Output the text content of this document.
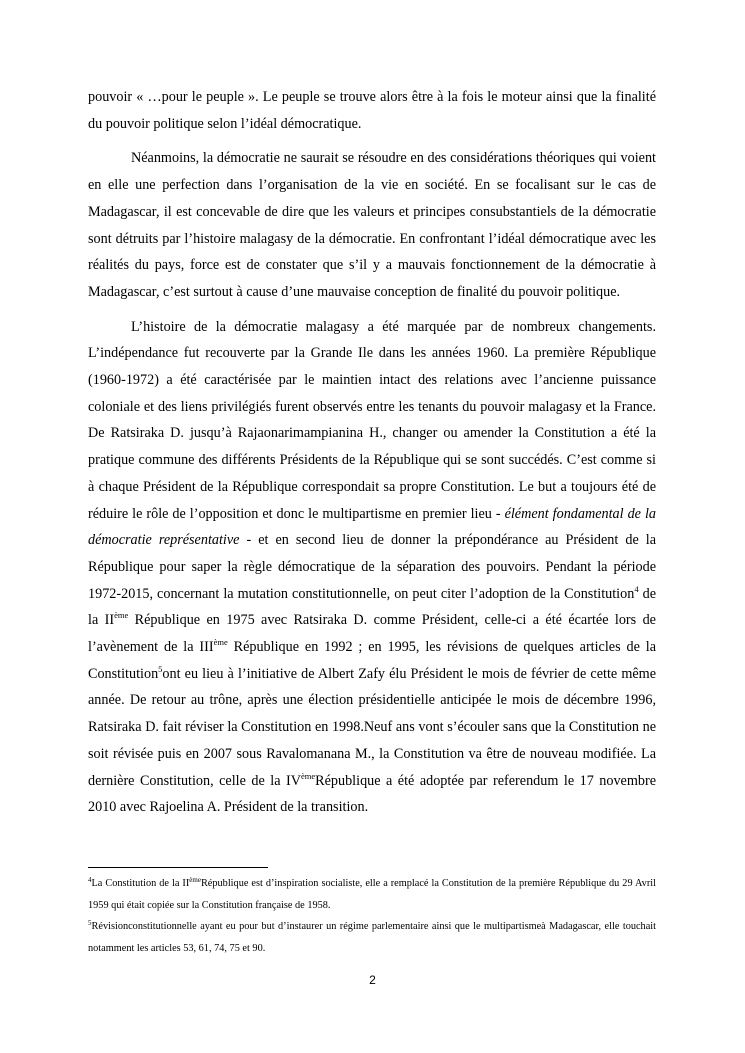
pouvoir « …pour le peuple ». Le peuple se trouve alors être à la fois le moteur ainsi que la finalité du pouvoir politique selon l’idéal démocratique.

Néanmoins, la démocratie ne saurait se résoudre en des considérations théoriques qui voient en elle une perfection dans l’organisation de la vie en société. En se focalisant sur le cas de Madagascar, il est concevable de dire que les valeurs et principes consubstantiels de la démocratie sont détruits par l’histoire malagasy de la démocratie. En confrontant l’idéal démocratique avec les réalités du pays, force est de constater que s’il y a mauvais fonctionnement de la démocratie à Madagascar, c’est surtout à cause d’une mauvaise conception de finalité du pouvoir politique.

L’histoire de la démocratie malagasy a été marquée par de nombreux changements. L’indépendance fut recouverte par la Grande Ile dans les années 1960. La première République (1960-1972) a été caractérisée par le maintien intact des relations avec l’ancienne puissance coloniale et des liens privilégiés furent observés entre les tenants du pouvoir malagasy et la France. De Ratsiraka D. jusqu’à Rajaonarimampianina H., changer ou amender la Constitution a été la pratique commune des différents Présidents de la République qui se sont succédés. C’est comme si à chaque Président de la République correspondait sa propre Constitution. Le but a toujours été de réduire le rôle de l’opposition et donc le multipartisme en premier lieu - élément fondamental de la démocratie représentative - et en second lieu de donner la prépondérance au Président de la République pour saper la règle démocratique de la séparation des pouvoirs. Pendant la période 1972-2015, concernant la mutation constitutionnelle, on peut citer l’adoption de la Constitution$^4$ de la IIème République en 1975 avec Ratsiraka D. comme Président, celle-ci a été écartée lors de l’avènement de la IIIème République en 1992 ; en 1995, les révisions de quelques articles de la Constitution$^5$ont eu lieu à l’initiative de Albert Zafy élu Président le mois de février de cette même année. De retour au trône, après une élection présidentielle anticipée le mois de décembre 1996, Ratsiraka D. fait réviser la Constitution en 1998.Neuf ans vont s’écouler sans que la Constitution ne soit révisée puis en 2007 sous Ravalomanana M., la Constitution va être de nouveau modifiée. La dernière Constitution, celle de la IVèmeRépublique a été adoptée par referendum le 17 novembre 2010 avec Rajoelina A. Président de la transition.

$^4$La Constitution de la IIèmeRépublique est d’inspiration socialiste, elle a remplacé la Constitution de la première République du 29 Avril 1959 qui était copiée sur la Constitution française de 1958.

$^5$Révisionconstitutionnelle ayant eu pour but d’instaurer un régime parlementaire ainsi que le multipartismeà Madagascar, elle touchait notamment les articles 53, 61, 74, 75 et 90.

2
